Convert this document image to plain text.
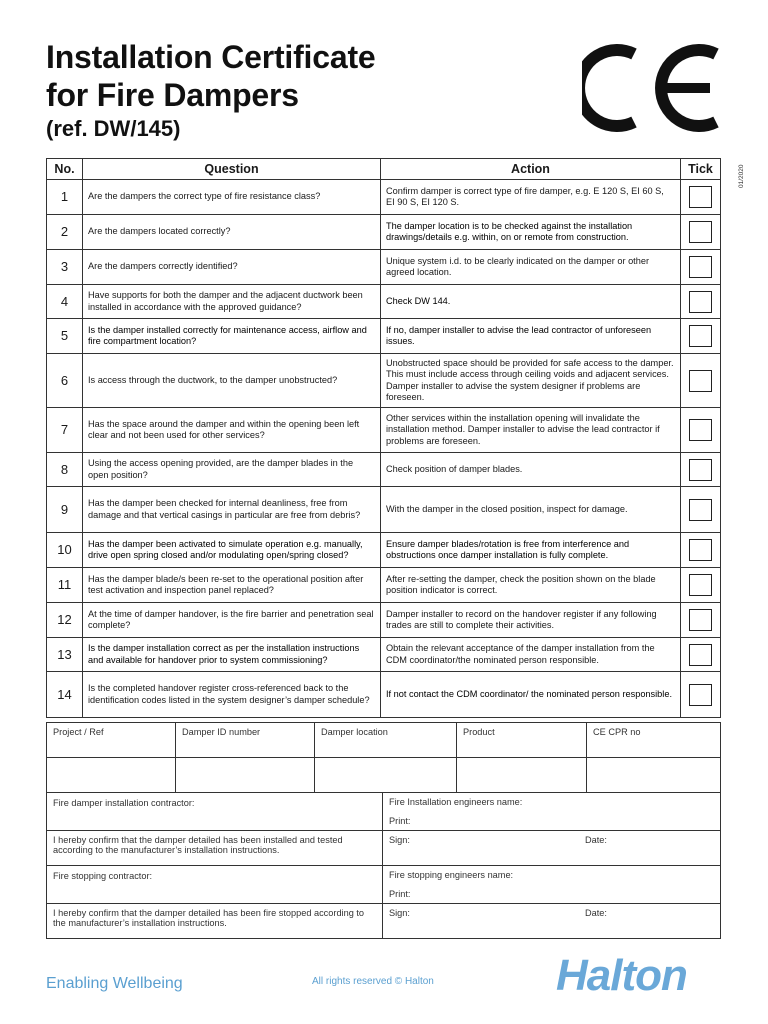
Installation Certificate
for Fire Dampers
(ref. DW/145)
01/2020
No.	Question	Action	Tick
1	Are the dampers the correct type of fire resistance class?	Confirm damper is correct type of fire damper, e.g. E 120 S, EI 60 S, EI 90 S, EI 120 S.	
2	Are the dampers located correctly?	The damper location is to be checked against the installation drawings/details e.g. within, on or remote from construction.	
3	Are the dampers correctly identified?	Unique system i.d. to be clearly indicated on the damper or other agreed location.	
4	Have supports for both the damper and the adjacent ductwork been installed in accordance with the approved guidance?	Check DW 144.	
5	Is the damper installed correctly for maintenance access, airflow and fire compartment location?	If no, damper installer to advise the lead contractor of unforeseen issues.	
6	Is access through the ductwork, to the damper unobstructed?	Unobstructed space should be provided for safe access to the damper. This must include access through ceiling voids and adjacent services. Damper installer to advise the system designer if problems are foreseen.	
7	Has the space around the damper and within the opening been left clear and not been used for other services?	Other services within the installation opening will invalidate the installation method. Damper installer to advise the lead contractor if problems are foreseen.	
8	Using the access opening provided, are the damper blades in the open position?	Check position of damper blades.	
9	Has the damper been checked for internal deanliness, free from damage and that vertical casings in particular are free from debris?	With the damper in the closed position, inspect for damage.	
10	Has the damper been activated to simulate operation e.g. manually, drive open spring closed and/or modulating open/spring closed?	Ensure damper blades/rotation is free from interference and obstructions once damper installation is fully complete.	
11	Has the damper blade/s been re-set to the operational position after test activation and inspection panel replaced?	After re-setting the damper, check the position shown on the blade position indicator is correct.	
12	At the time of damper handover, is the fire barrier and penetration seal complete?	Damper installer to record on the handover register if any following trades are still to complete their activities.	
13	Is the damper installation correct as per the installation instructions and available for handover prior to system commissioning?	Obtain the relevant acceptance of the damper installation from the CDM coordinator/the nominated person responsible.	
14	Is the completed handover register cross-referenced back to the identification codes listed in the system designer’s damper schedule?	If not contact the CDM coordinator/ the nominated person responsible.	
Project / Ref	Damper ID number	Damper location		Product	CE CPR no

Fire damper installation contractor:			Fire Installation engineers name:
Print:		

I hereby confirm that the damper detailed has been installed and tested according to the manufacturer’s installation instructions.			Sign: Date:		

Fire stopping contractor:			Fire stopping engineers name:
Print:		

I hereby confirm that the damper detailed has been fire stopped according to the manufacturer’s installation instructions.			Sign: Date:		
Enabling Wellbeing	All rights reserved © Halton	Halton
